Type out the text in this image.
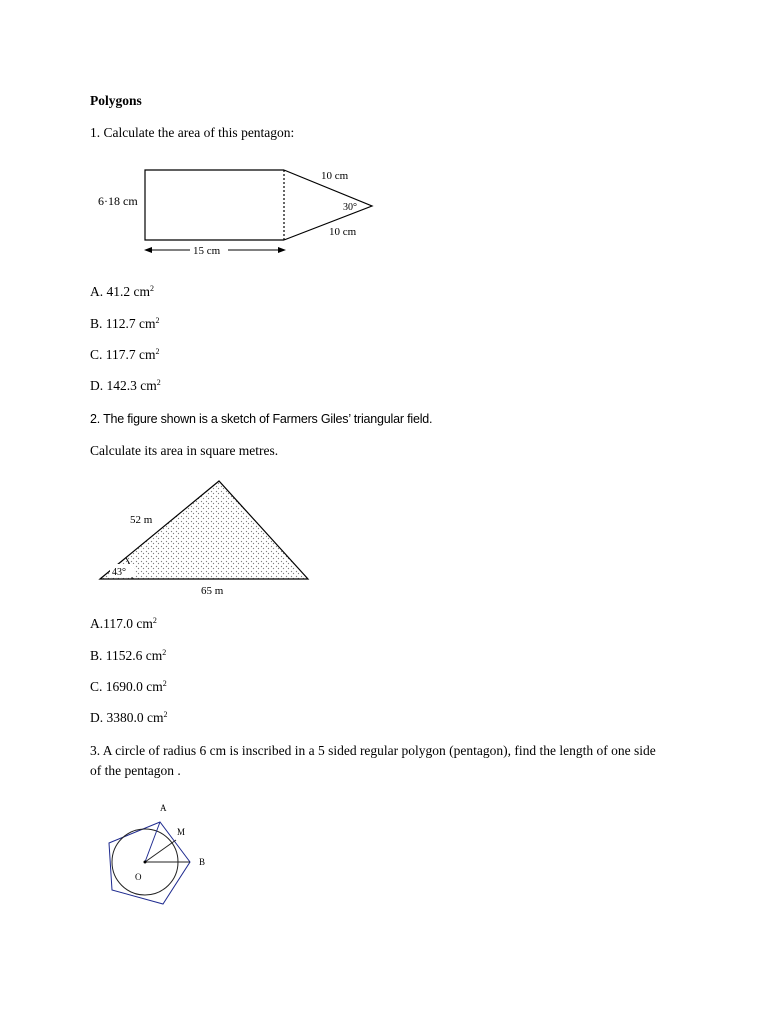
Polygons
1. Calculate the area of this pentagon:
6·18 cm
15 cm
10 cm
10 cm
30°
A. 41.2 $cm^2$
B. 112.7 $cm^2$
C. 117.7 $cm^2$
D. 142.3 $cm^2$
2. The figure shown is a sketch of Farmers Giles’ triangular field.
Calculate its area in square metres.
43°
52 m
65 m
A.117.0 $cm^2$
B. 1152.6 $cm^2$
C. 1690.0 $cm^2$
D. 3380.0 $cm^2$
3. A circle of radius 6 cm is inscribed in a 5 sided regular polygon (pentagon), find the length of one side
of the pentagon .
A
M
B
O
